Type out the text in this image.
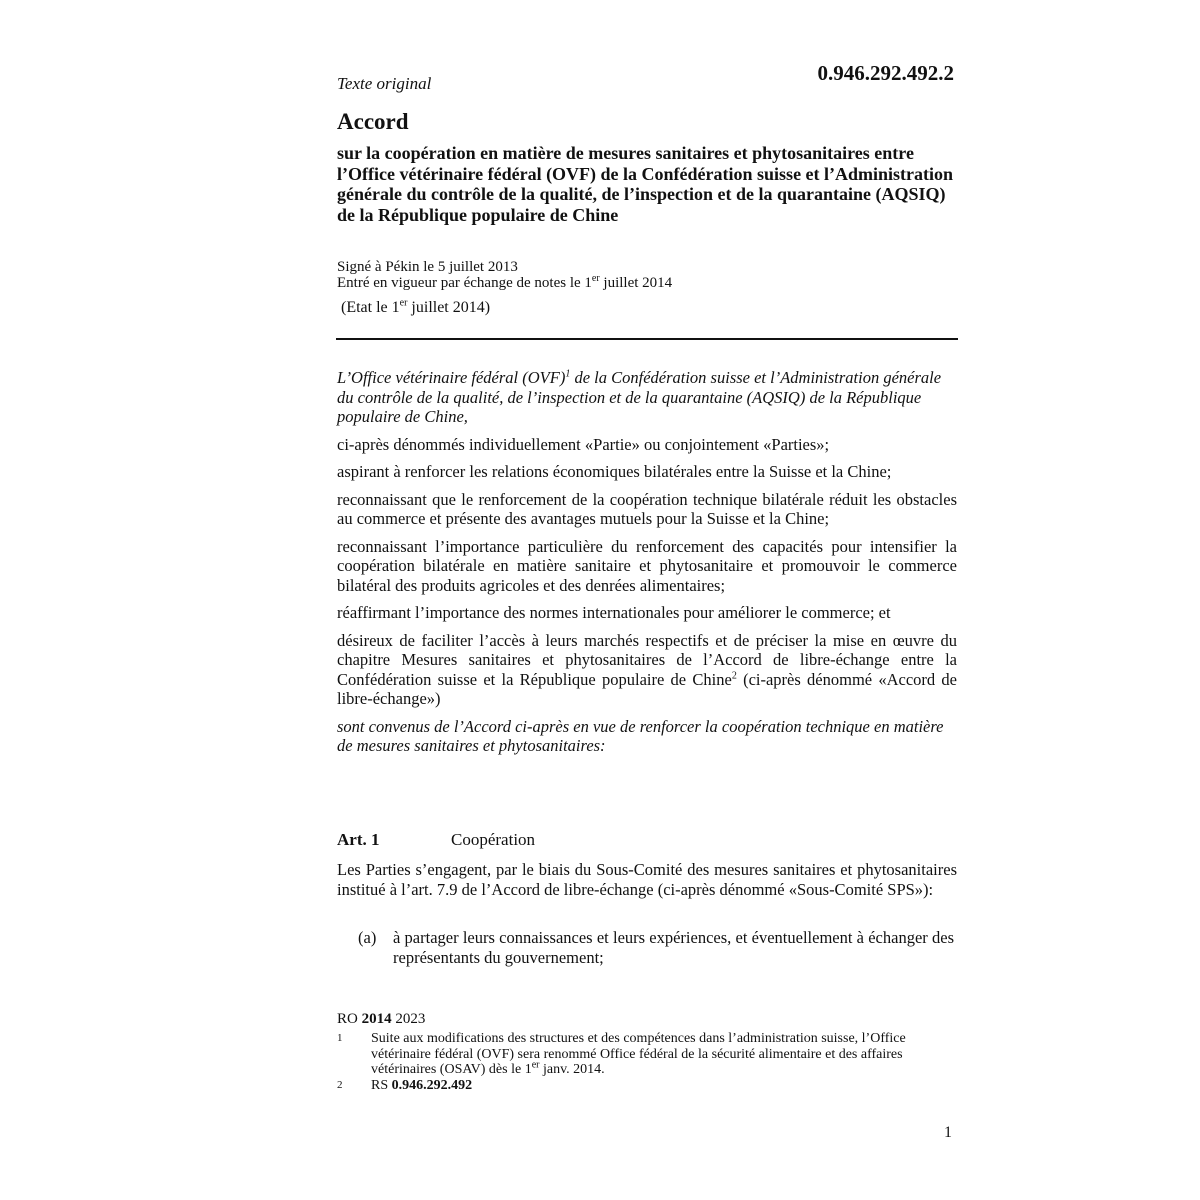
Texte original	0.946.292.492.2
Accord
sur la coopération en matière de mesures sanitaires et phytosanitaires entre l’Office vétérinaire fédéral (OVF) de la Confédération suisse et l’Administration générale du contrôle de la qualité, de l’inspection et de la quarantaine (AQSIQ) de la République populaire de Chine
Signé à Pékin le 5 juillet 2013
Entré en vigueur par échange de notes le 1er juillet 2014
(Etat le 1er juillet 2014)

L’Office vétérinaire fédéral (OVF)$^1$ de la Confédération suisse et l’Administration générale du contrôle de la qualité, de l’inspection et de la quarantaine (AQSIQ) de la République populaire de Chine,

ci-après dénommés individuellement «Partie» ou conjointement «Parties»;

aspirant à renforcer les relations économiques bilatérales entre la Suisse et la Chine;

reconnaissant que le renforcement de la coopération technique bilatérale réduit les obstacles au commerce et présente des avantages mutuels pour la Suisse et la Chine;

reconnaissant l’importance particulière du renforcement des capacités pour intensifier la coopération bilatérale en matière sanitaire et phytosanitaire et promouvoir le commerce bilatéral des produits agricoles et des denrées alimentaires;

réaffirmant l’importance des normes internationales pour améliorer le commerce; et

désireux de faciliter l’accès à leurs marchés respectifs et de préciser la mise en œuvre du chapitre Mesures sanitaires et phytosanitaires de l’Accord de libre-échange entre la Confédération suisse et la République populaire de Chine$^2$ (ci-après dénommé «Accord de libre-échange»)

sont convenus de l’Accord ci-après en vue de renforcer la coopération technique en matière de mesures sanitaires et phytosanitaires:

Art. 1	Coopération
Les Parties s’engagent, par le biais du Sous-Comité des mesures sanitaires et phytosanitaires institué à l’art. 7.9 de l’Accord de libre-échange (ci-après dénommé «Sous-Comité SPS»):
(a) à partager leurs connaissances et leurs expériences, et éventuellement à échanger des représentants du gouvernement;
RO 2014 2023
1	Suite aux modifications des structures et des compétences dans l’administration suisse, l’Office vétérinaire fédéral (OVF) sera renommé Office fédéral de la sécurité alimentaire et des affaires vétérinaires (OSAV) dès le 1er janv. 2014.
2	RS 0.946.292.492
1
